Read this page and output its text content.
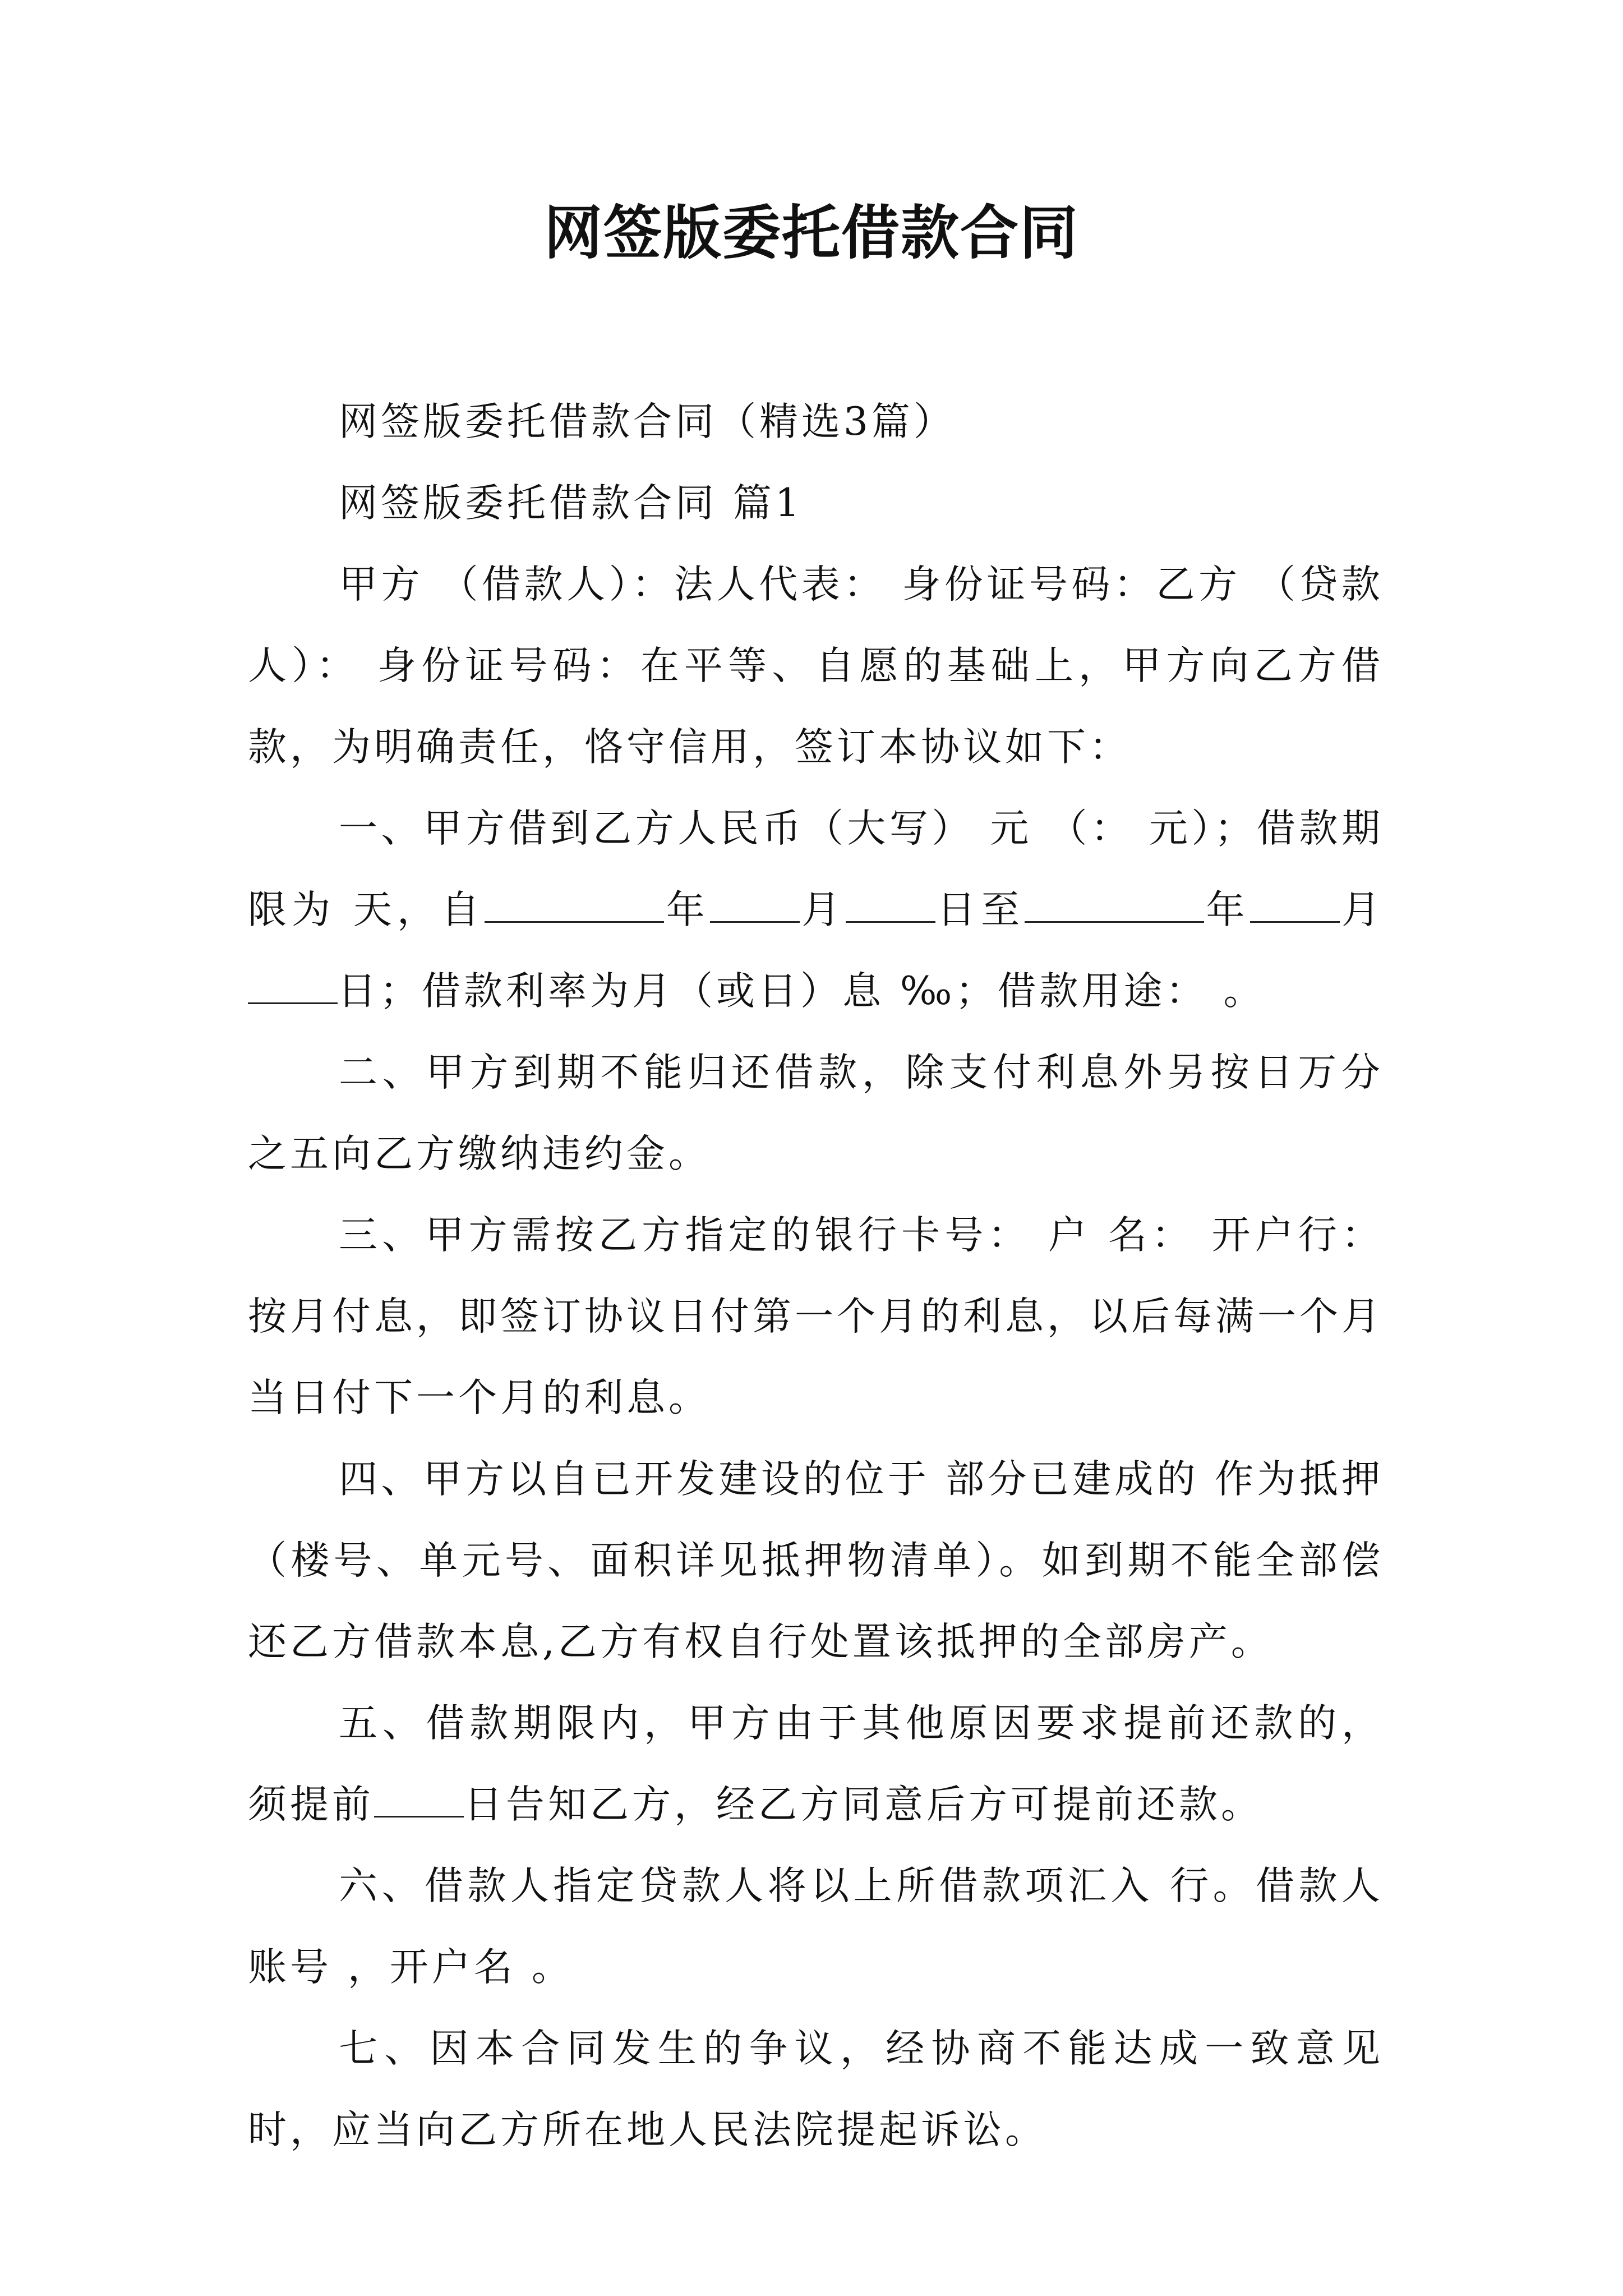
网签版委托借款合同

网签版委托借款合同（精选3篇）

网签版委托借款合同 篇1

甲方 （借款人）：法人代表： 身份证号码：乙方 （贷款人）： 身份证号码：在平等、自愿的基础上，甲方向乙方借款，为明确责任，恪守信用，签订本协议如下：

一、甲方借到乙方人民币（大写） 元 （： 元）；借款期限为 天，自	年 月 日至	年 月日；借款利率为月（或日）息 ‰；借款用途： 。

二、甲方到期不能归还借款，除支付利息外另按日万分之五向乙方缴纳违约金。

三、甲方需按乙方指定的银行卡号： 户 名： 开户行：按月付息，即签订协议日付第一个月的利息，以后每满一个月当日付下一个月的利息。

四、甲方以自已开发建设的位于 部分已建成的 作为抵押（楼号、单元号、面积详见抵押物清单）。如到期不能全部偿还乙方借款本息,乙方有权自行处置该抵押的全部房产。

五、借款期限内，甲方由于其他原因要求提前还款的，须提前 日告知乙方，经乙方同意后方可提前还款。

六、借款人指定贷款人将以上所借款项汇入 行。借款人账号 ，开户名 。

七、因本合同发生的争议，经协商不能达成一致意见时，应当向乙方所在地人民法院提起诉讼。
